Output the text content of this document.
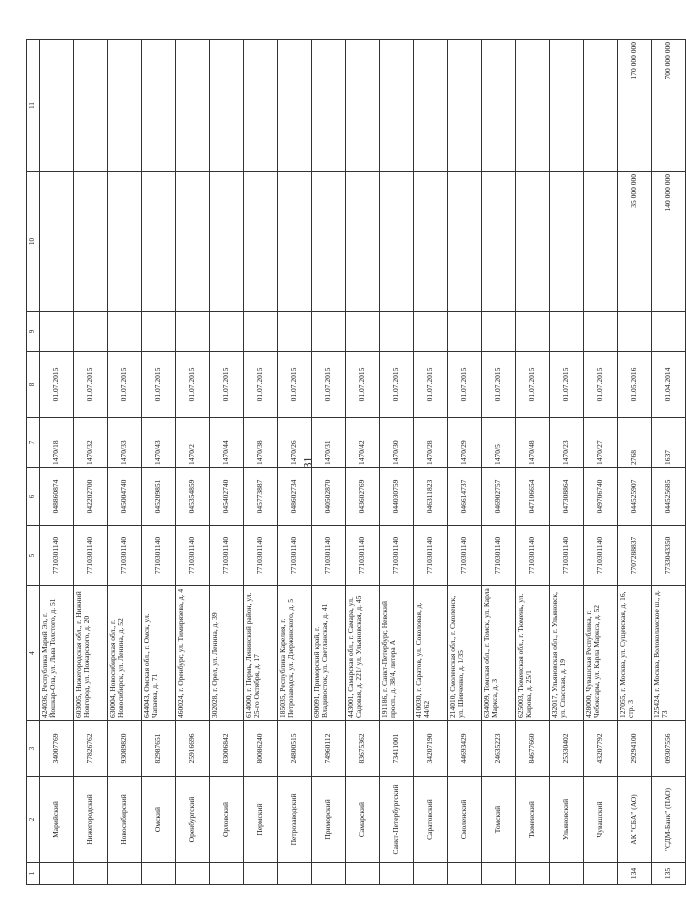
31
1	2	3	4	5	6	7	8	9	10	11
	Марийский	34007769	424036, Республика Марий Эл, г. Йошкар-Ола, ул. Льва Толстого, д. 51	7710301140	048860874	1470/18	01.07.2015			
	Нижегородский	77826762	603005, Нижегородская обл., г. Нижний Новгород, ул. Пожарского, д. 20	7710301140	042202700	1470/32	01.07.2015			
	Новосибирский	93089820	630004, Новосибирская обл., г. Новосибирск, ул. Ленина, д. 52	7710301140	045004740	1470/33	01.07.2015			
	Омский	82987651	644043, Омская обл., г. Омск, ул. Чапаева, д. 71	7710301140	045209851	1470/43	01.07.2015			
	Оренбургский	25916696	460024, г. Оренбург, ул. Тимирязева, д. 4	7710301140	045354859	1470/2	01.07.2015			
	Орловский	83006842	302028, г. Орел, ул. Ленина, д. 39	7710301140	045402740	1470/44	01.07.2015			
	Пермский	80086240	614000, г. Пермь, Ленинский район, ул. 25-го Октября, д. 17	7710301140	045773887	1470/38	01.07.2015			
	Петрозаводский	24800515	185035, Республика Карелия, г. Петрозаводск, ул. Дзержинского, д. 5	7710301140	048602734	1470/26	01.07.2015			
	Приморский	74960112	690091, Приморский край, г. Владивосток, ул. Светланская, д. 41	7710301140	040502870	1470/31	01.07.2015			
	Самарский	83675362	443001, Самарская обл., г. Самара, ул. Садовая, д. 221/ ул. Ульяновская, д. 45	7710301140	043602769	1470/42	01.07.2015			
	Санкт-Петербургский	73411001	191186, г. Санкт-Петербург, Невский просп., д. 38/4, литера А	7710301140	044030759	1470/30	01.07.2015			
	Саратовский	34207190	410030, г. Саратов, ул. Соколовая, д. 44/62	7710301140	046311823	1470/28	01.07.2015			
	Смоленский	44693429	214010, Смоленская обл., г. Смоленск, ул. Шевченко, д. 1/35	7710301140	046614737	1470/29	01.07.2015			
	Томский	24635223	634009, Томская обл., г. Томск, ул. Карла Маркса, д. 3	7710301140	046902757	1470/5	01.07.2015			
	Тюменский	84677660	625003, Тюменская обл., г. Тюмень, ул. Кирова, д. 25/1	7710301140	047106654	1470/48	01.07.2015			
	Ульяновский	25330402	432017, Ульяновская обл., г. Ульяновск, ул. Спасская, д. 19	7710301140	047308864	1470/23	01.07.2015			
	Чувашский	43207792	428000, Чувашская Республика, г. Чебоксары, ул. Карла Маркса, д. 52	7710301140	049706740	1470/27	01.07.2015			
134	АК "СБА" (АО)	29294100	127055, г. Москва, ул. Сущевская, д. 16, стр. 3	7707288837	044525907	2768	01.05.2016		35 000 000	170 000 000
135	"СДМ-Банк" (ПАО)	09307556	125424, г. Москва, Волоколамское ш., д. 73	7733043350	044525685	1637	01.04.2014		140 000 000	700 000 000
